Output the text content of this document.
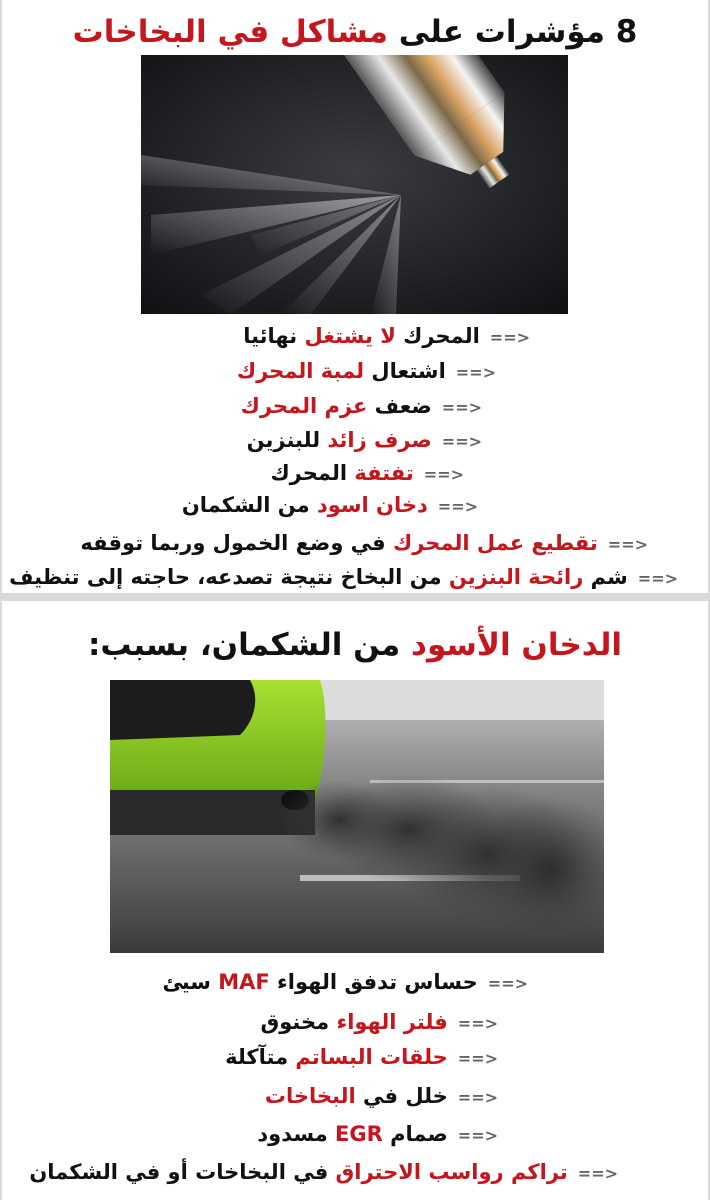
8 مؤشرات على مشاكل في البخاخات
==>المحرك لا يشتغل نهائيا
==>اشتعال لمبة المحرك
==>ضعف عزم المحرك
==>صرف زائد للبنزين
==>تفتفة المحرك
==>دخان اسود من الشكمان
==>تقطيع عمل المحرك في وضع الخمول وربما توقفه
==>شم رائحة البنزين من البخاخ نتيجة تصدعه، حاجته إلى تنظيف
الدخان الأسود من الشكمان، بسبب:
==>حساس تدفق الهواء MAF سيئ
==>فلتر الهواء مخنوق
==>حلقات البساتم متآكلة
==>خلل في البخاخات
==>صمام EGR مسدود
==>تراكم رواسب الاحتراق في البخاخات أو في الشكمان
